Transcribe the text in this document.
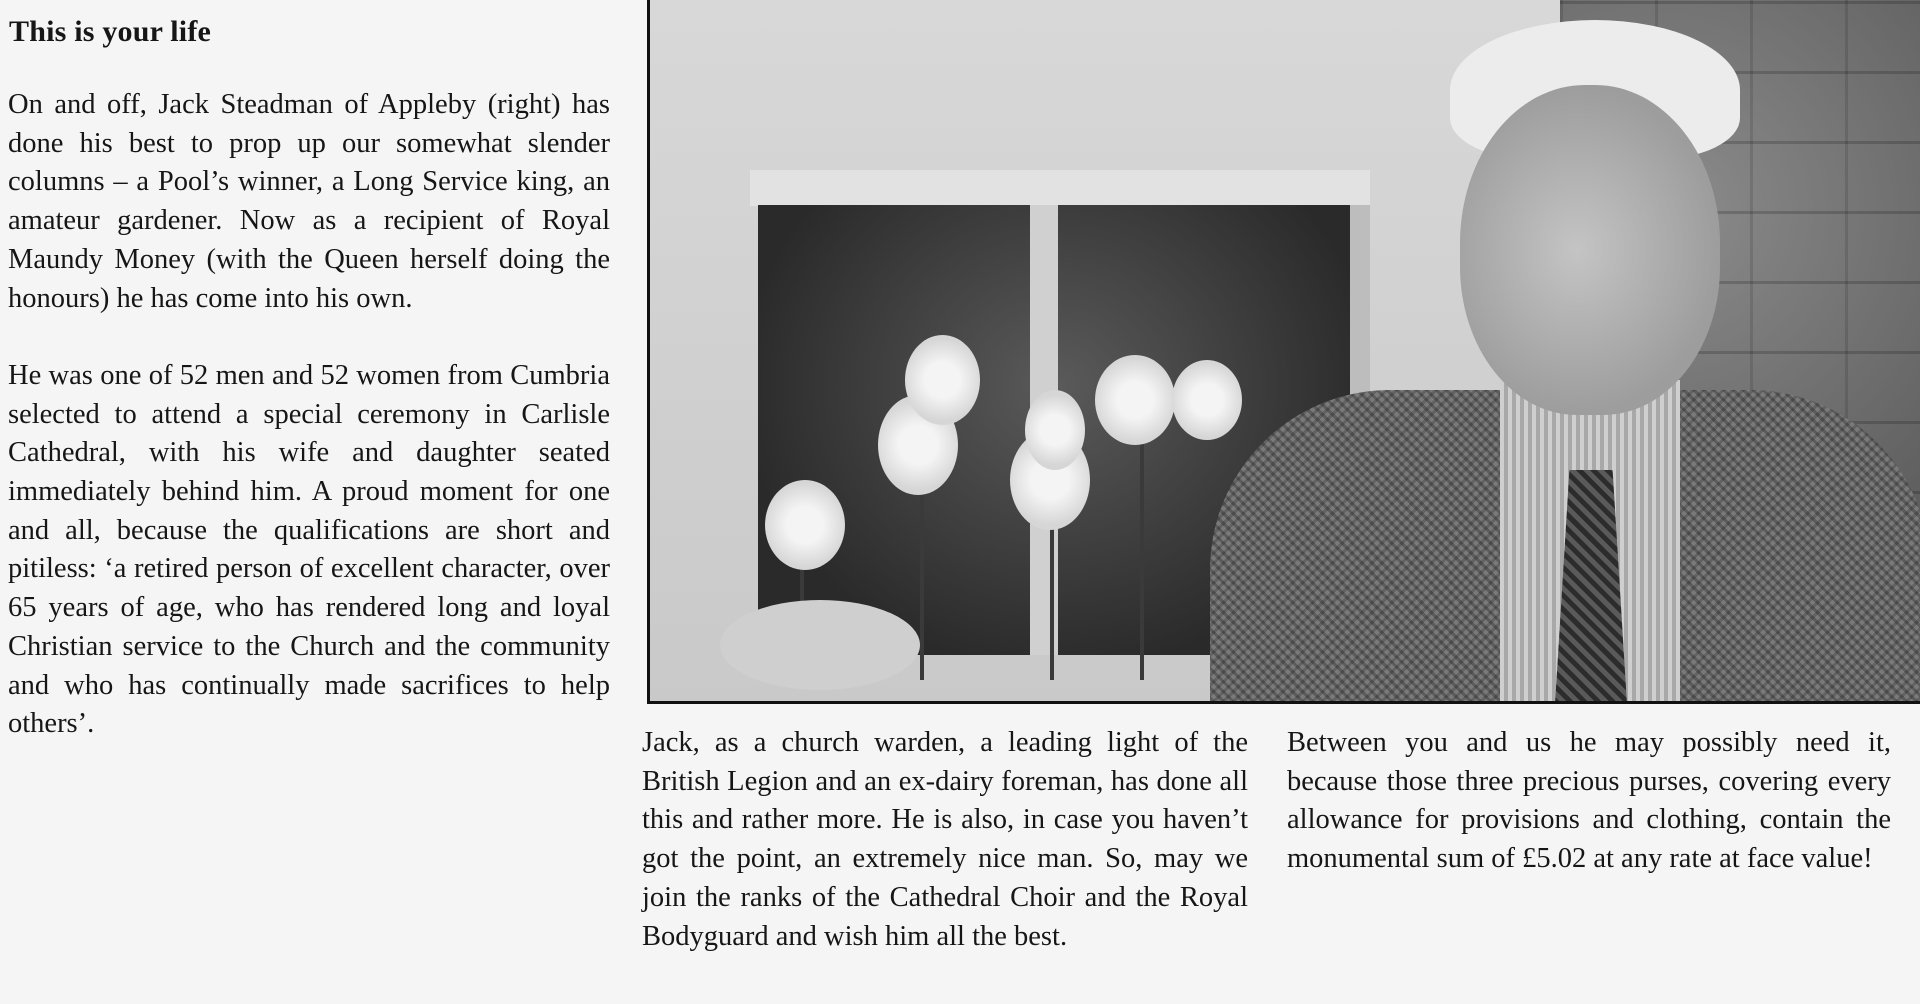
This is your life

On and off, Jack Steadman of Appleby (right) has done his best to prop up our somewhat slender columns – a Pool’s winner, a Long Service king, an amateur gardener. Now as a recipient of Royal Maundy Money (with the Queen herself doing the honours) he has come into his own.

He was one of 52 men and 52 women from Cumbria selected to attend a special ceremony in Carlisle Cathedral, with his wife and daughter seated immediately behind him. A proud moment for one and all, because the qualifications are short and pitiless: ‘a retired person of excellent character, over 65 years of age, who has rendered long and loyal Christian service to the Church and the community and who has continually made sacrifices to help others’.

Jack, as a church warden, a leading light of the British Legion and an ex-dairy foreman, has done all this and rather more. He is also, in case you haven’t got the point, an extremely nice man. So, may we join the ranks of the Cathedral Choir and the Royal Bodyguard and wish him all the best.

Between you and us he may possibly need it, because those three precious purses, covering every allowance for provisions and clothing, contain the monumental sum of £5.02 at any rate at face value!
